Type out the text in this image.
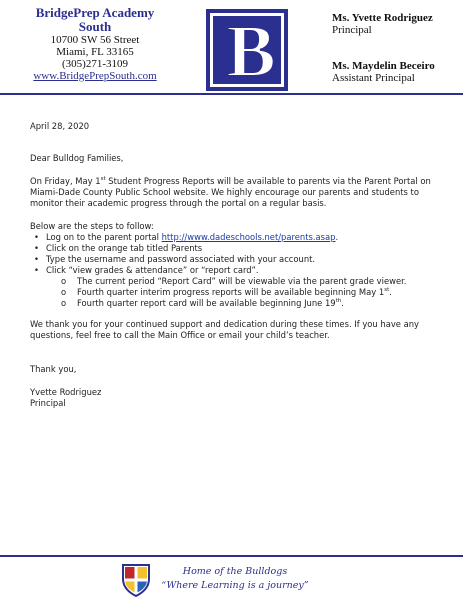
BridgePrep Academy
South
10700 SW 56 Street
Miami, FL 33165
(305)271-3109
www.BridgePrepSouth.com B
BRIDGEPREP
Ms. Yvette Rodriguez
Principal
Ms. Maydelin Beceiro
Assistant Principal
April 28, 2020
Dear Bulldog Families,
On Friday, May 1st Student Progress Reports will be available to parents via the Parent Portal on Miami-Dade County Public School website. We highly encourage our parents and students to monitor their academic progress through the portal on a regular basis.
Below are the steps to follow:
• Log on to the parent portal http://www.dadeschools.net/parents.asap.
• Click on the orange tab titled Parents
• Type the username and password associated with your account.
• Click “view grades & attendance” or “report card”.
o The current period “Report Card” will be viewable via the parent grade viewer.
o Fourth quarter interim progress reports will be available beginning May 1st.
o Fourth quarter report card will be available beginning June 19th.
We thank you for your continued support and dedication during these times. If you have any questions, feel free to call the Main Office or email your child’s teacher.
Thank you,
Yvette Rodriguez
Principal
Home of the Bulldogs
“Where Learning is a journey”
